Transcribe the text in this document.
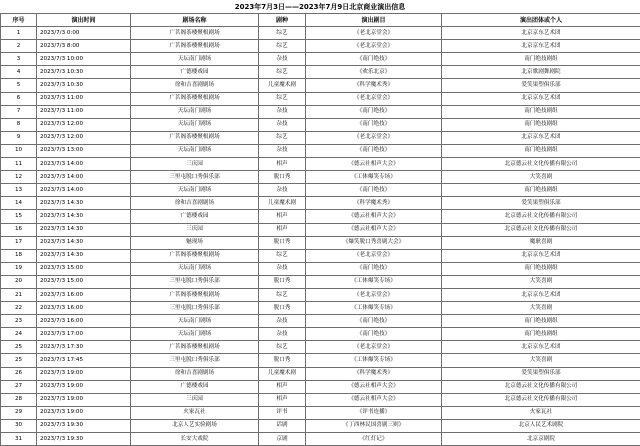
2023年7月3日——2023年7月9日北京商业演出信息
序号	演出时间	剧场名称	剧种	演出剧目	演出团体或个人
1	2023/7/3 0:00	广茗阁茶楼聚根剧场	综艺	《老北京堂会》	北京京东艺术团
2	2023/7/3 8:00	广茗阁茶楼聚根剧场	综艺	《老北京堂会》	北京京东艺术团
3	2023/7/3 10:00	天坛南门剧场	杂技	《南门绝技》	南门绝技剧组
4	2023/7/3 10:30	广德楼戏园	综艺	《欢乐北京》	北京歌剧舞剧院
5	2023/7/3 10:30	徐和吉喜剧剧场	儿童魔术剧	《科学魔术秀》	爱笑果塑俱乐部
6	2023/7/3 11:00	广茗阁茶楼聚根剧场	综艺	《老北京堂会》	北京京东艺术团
7	2023/7/3 11:00	天坛南门剧场	杂技	《南门绝技》	南门绝技剧组
8	2023/7/3 12:00	天坛南门剧场	杂技	《南门绝技》	南门绝技剧组
9	2023/7/3 12:00	广茗阁茶楼聚根剧场	综艺	《老北京堂会》	北京京东艺术团
10	2023/7/3 13:00	天坛南门剧场	杂技	《南门绝技》	南门绝技剧组
11	2023/7/3 14:00	三庆园	相声	《德云社相声大会》	北京德云社文化传播有限公司
12	2023/7/3 14:00	三里屯脱口秀俱乐部	脱口秀	《工体爆笑专场》	大笑喜剧
13	2023/7/3 14:00	天坛南门剧场	杂技	《南门绝技》	南门绝技剧组
14	2023/7/3 14:30	徐和吉喜剧剧场	儿童魔术剧	《科学魔术秀》	爱笑果塑俱乐部
15	2023/7/3 14:30	广德楼戏园	相声	《德云社相声大会》	北京德云社文化传播有限公司
16	2023/7/3 14:30	三庆园	相声	《德云社相声大会》	北京德云社文化传播有限公司
17	2023/7/3 14:30	魅现场	脱口秀	《爆笑脱口秀喜剧大会》	魔耿喜剧
18	2023/7/3 14:30	广茗阁茶楼聚根剧场	综艺	《老北京堂会》	北京京东艺术团
19	2023/7/3 15:00	天坛南门剧场	杂技	《南门绝技》	南门绝技剧组
20	2023/7/3 15:00	三里屯脱口秀俱乐部	脱口秀	《工体爆笑专场》	大笑喜剧
21	2023/7/3 16:00	广茗阁茶楼聚根剧场	综艺	《老北京堂会》	北京京东艺术团
22	2023/7/3 16:00	三里屯脱口秀俱乐部	脱口秀	《工体爆笑专场》	大笑喜剧
23	2023/7/3 16:00	天坛南门剧场	杂技	《南门绝技》	南门绝技剧组
24	2023/7/3 17:00	天坛南门剧场	杂技	《南门绝技》	南门绝技剧组
25	2023/7/3 17:30	广茗阁茶楼聚根剧场	综艺	《老北京堂会》	北京京东艺术团
25	2023/7/3 17:45	三里屯脱口秀俱乐部	脱口秀	《工体爆笑专场》	大笑喜剧
26	2023/7/3 19:00	徐和吉喜剧剧场	儿童魔术剧	《科学魔术秀》	爱笑果塑俱乐部
27	2023/7/3 19:00	广德楼戏园	相声	《德云社相声大会》	北京德云社文化传播有限公司
28	2023/7/3 19:00	三庆园	相声	《德云社相声大会》	北京德云社文化传播有限公司
29	2023/7/3 19:00	火家瓦社	评书	《评书连播》	火家瓦社
30	2023/7/3 19:30	北京人艺实验剧场	话剧	《丁西林民国喜剧三则》	北京人民艺术剧院
31	2023/7/3 19:30	长安大戏院	京剧	《红灯记》	北京京剧院
